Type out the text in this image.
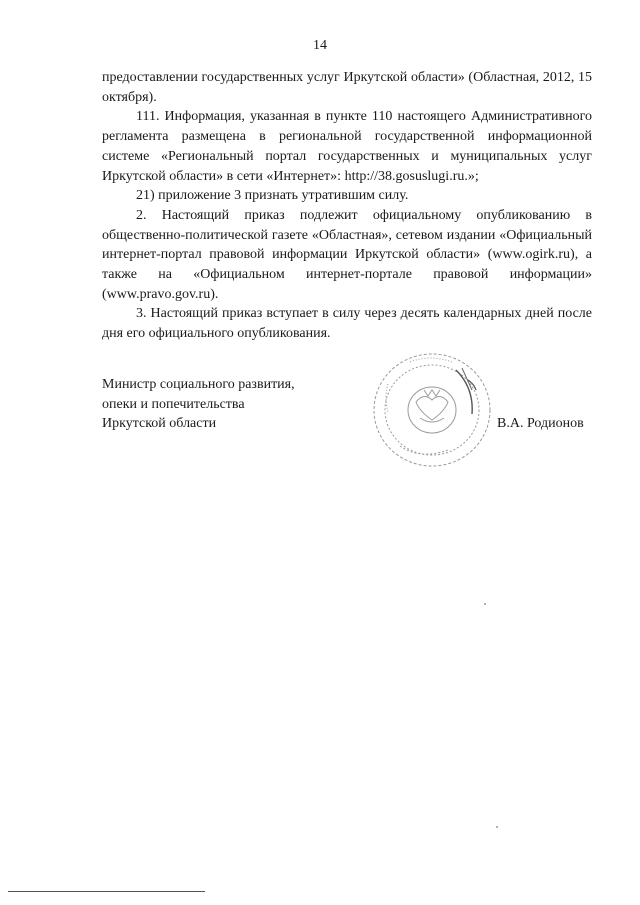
14

предоставлении государственных услуг Иркутской области» (Областная, 2012, 15 октября).

111. Информация, указанная в пункте 110 настоящего Административного регламента размещена в региональной государственной информационной системе «Региональный портал государственных и муниципальных услуг Иркутской области» в сети «Интернет»: http://38.gosuslugi.ru.»;

21) приложение 3 признать утратившим силу.

2. Настоящий приказ подлежит официальному опубликованию в общественно-политической газете «Областная», сетевом издании «Официальный интернет-портал правовой информации Иркутской области» (www.ogirk.ru), а также на «Официальном интернет-портале правовой информации» (www.pravo.gov.ru).

3. Настоящий приказ вступает в силу через десять календарных дней после дня его официального опубликования.

Министр социального развития,
опеки и попечительства
Иркутской области	В.А. Родионов
